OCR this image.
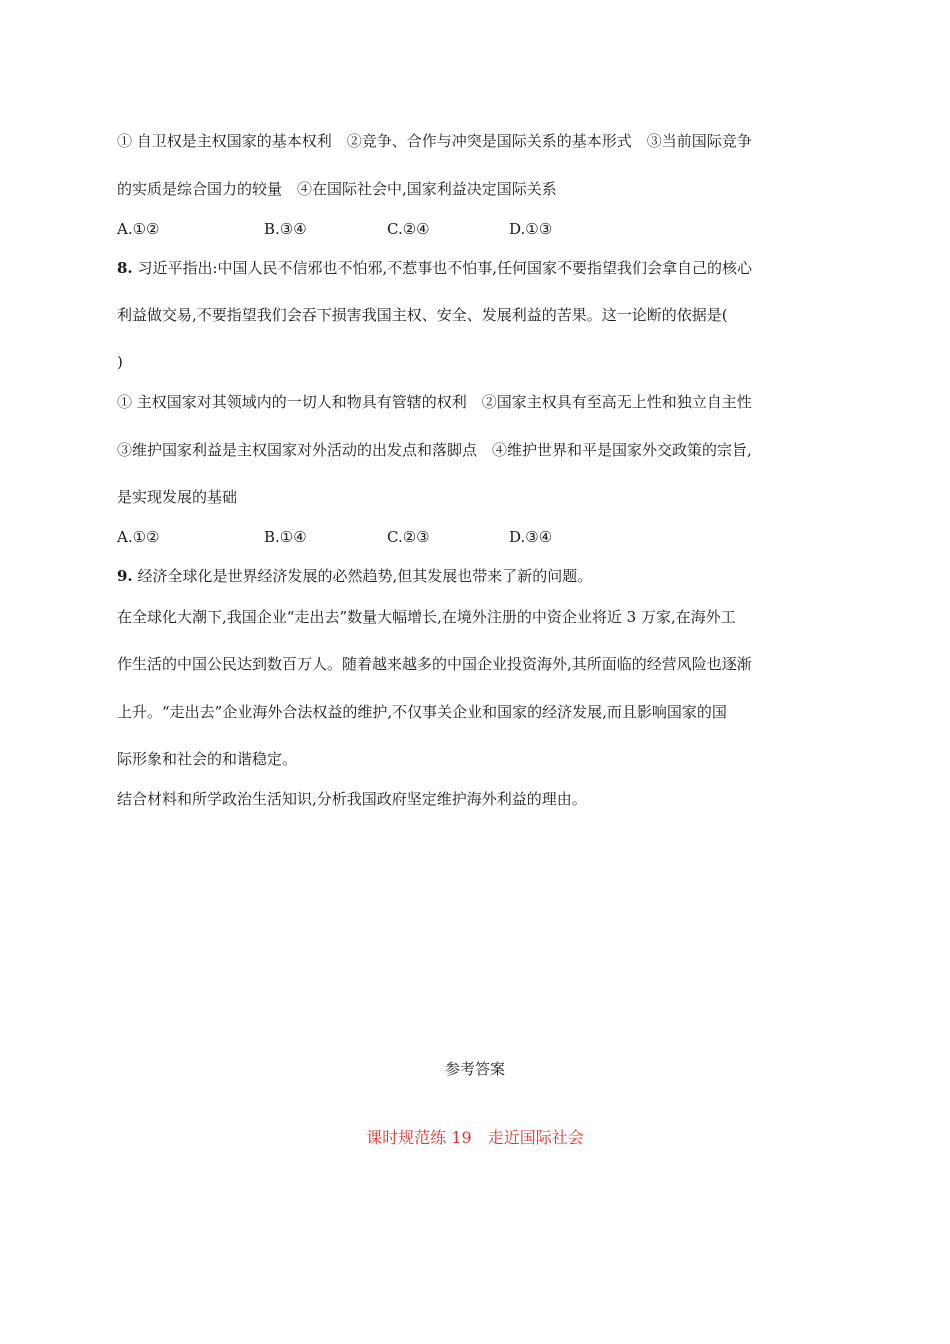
① 自卫权是主权国家的基本权利　②竞争、合作与冲突是国际关系的基本形式　③当前国际竞争
的实质是综合国力的较量　④在国际社会中,国家利益决定国际关系
A.①②	B.③④	C.②④	D.①③
8. 习近平指出:中国人民不信邪也不怕邪,不惹事也不怕事,任何国家不要指望我们会拿自己的核心
利益做交易,不要指望我们会吞下损害我国主权、安全、发展利益的苦果。这一论断的依据是(
)
① 主权国家对其领域内的一切人和物具有管辖的权利　②国家主权具有至高无上性和独立自主性
③维护国家利益是主权国家对外活动的出发点和落脚点　④维护世界和平是国家外交政策的宗旨,
是实现发展的基础
A.①②	B.①④	C.②③	D.③④
9. 经济全球化是世界经济发展的必然趋势,但其发展也带来了新的问题。
在全球化大潮下,我国企业“走出去”数量大幅增长,在境外注册的中资企业将近 3 万家,在海外工
作生活的中国公民达到数百万人。随着越来越多的中国企业投资海外,其所面临的经营风险也逐渐
上升。“走出去”企业海外合法权益的维护,不仅事关企业和国家的经济发展,而且影响国家的国
际形象和社会的和谐稳定。
结合材料和所学政治生活知识,分析我国政府坚定维护海外利益的理由。
参考答案
课时规范练 19　走近国际社会
